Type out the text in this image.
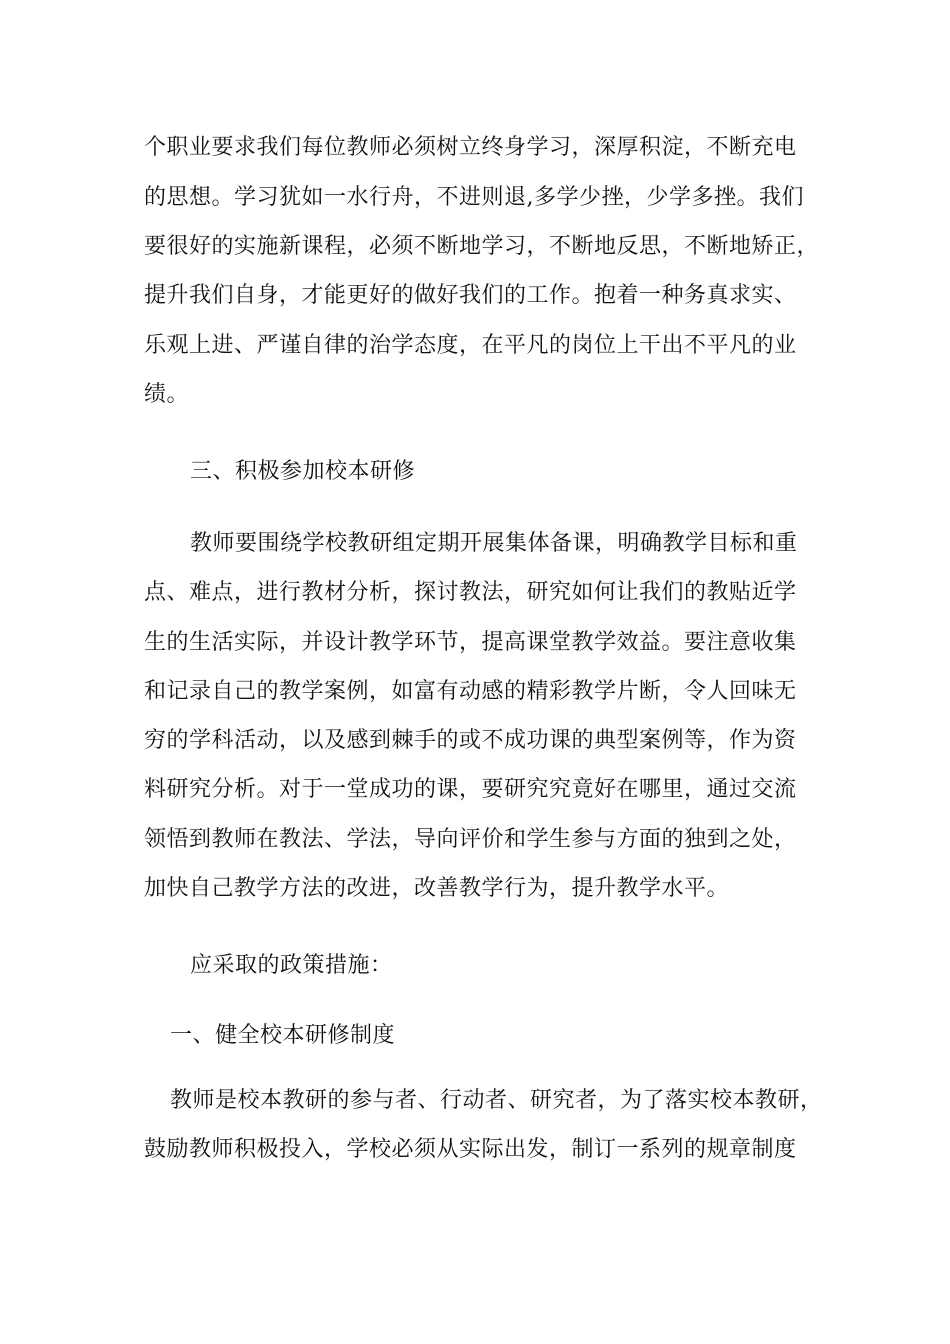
个职业要求我们每位教师必须树立终身学习，深厚积淀，不断充电
的思想。学习犹如一水行舟，不进则退,多学少挫，少学多挫。我们
要很好的实施新课程，必须不断地学习，不断地反思，不断地矫正，
提升我们自身，才能更好的做好我们的工作。抱着一种务真求实、
乐观上进、严谨自律的治学态度，在平凡的岗位上干出不平凡的业
绩。
三、积极参加校本研修
教师要围绕学校教研组定期开展集体备课，明确教学目标和重
点、难点，进行教材分析，探讨教法，研究如何让我们的教贴近学
生的生活实际，并设计教学环节，提高课堂教学效益。要注意收集
和记录自己的教学案例，如富有动感的精彩教学片断，令人回味无
穷的学科活动，以及感到棘手的或不成功课的典型案例等，作为资
料研究分析。对于一堂成功的课，要研究究竟好在哪里，通过交流
领悟到教师在教法、学法，导向评价和学生参与方面的独到之处，
加快自己教学方法的改进，改善教学行为，提升教学水平。
应采取的政策措施：
一、健全校本研修制度
教师是校本教研的参与者、行动者、研究者，为了落实校本教研，
鼓励教师积极投入，学校必须从实际出发，制订一系列的规章制度
